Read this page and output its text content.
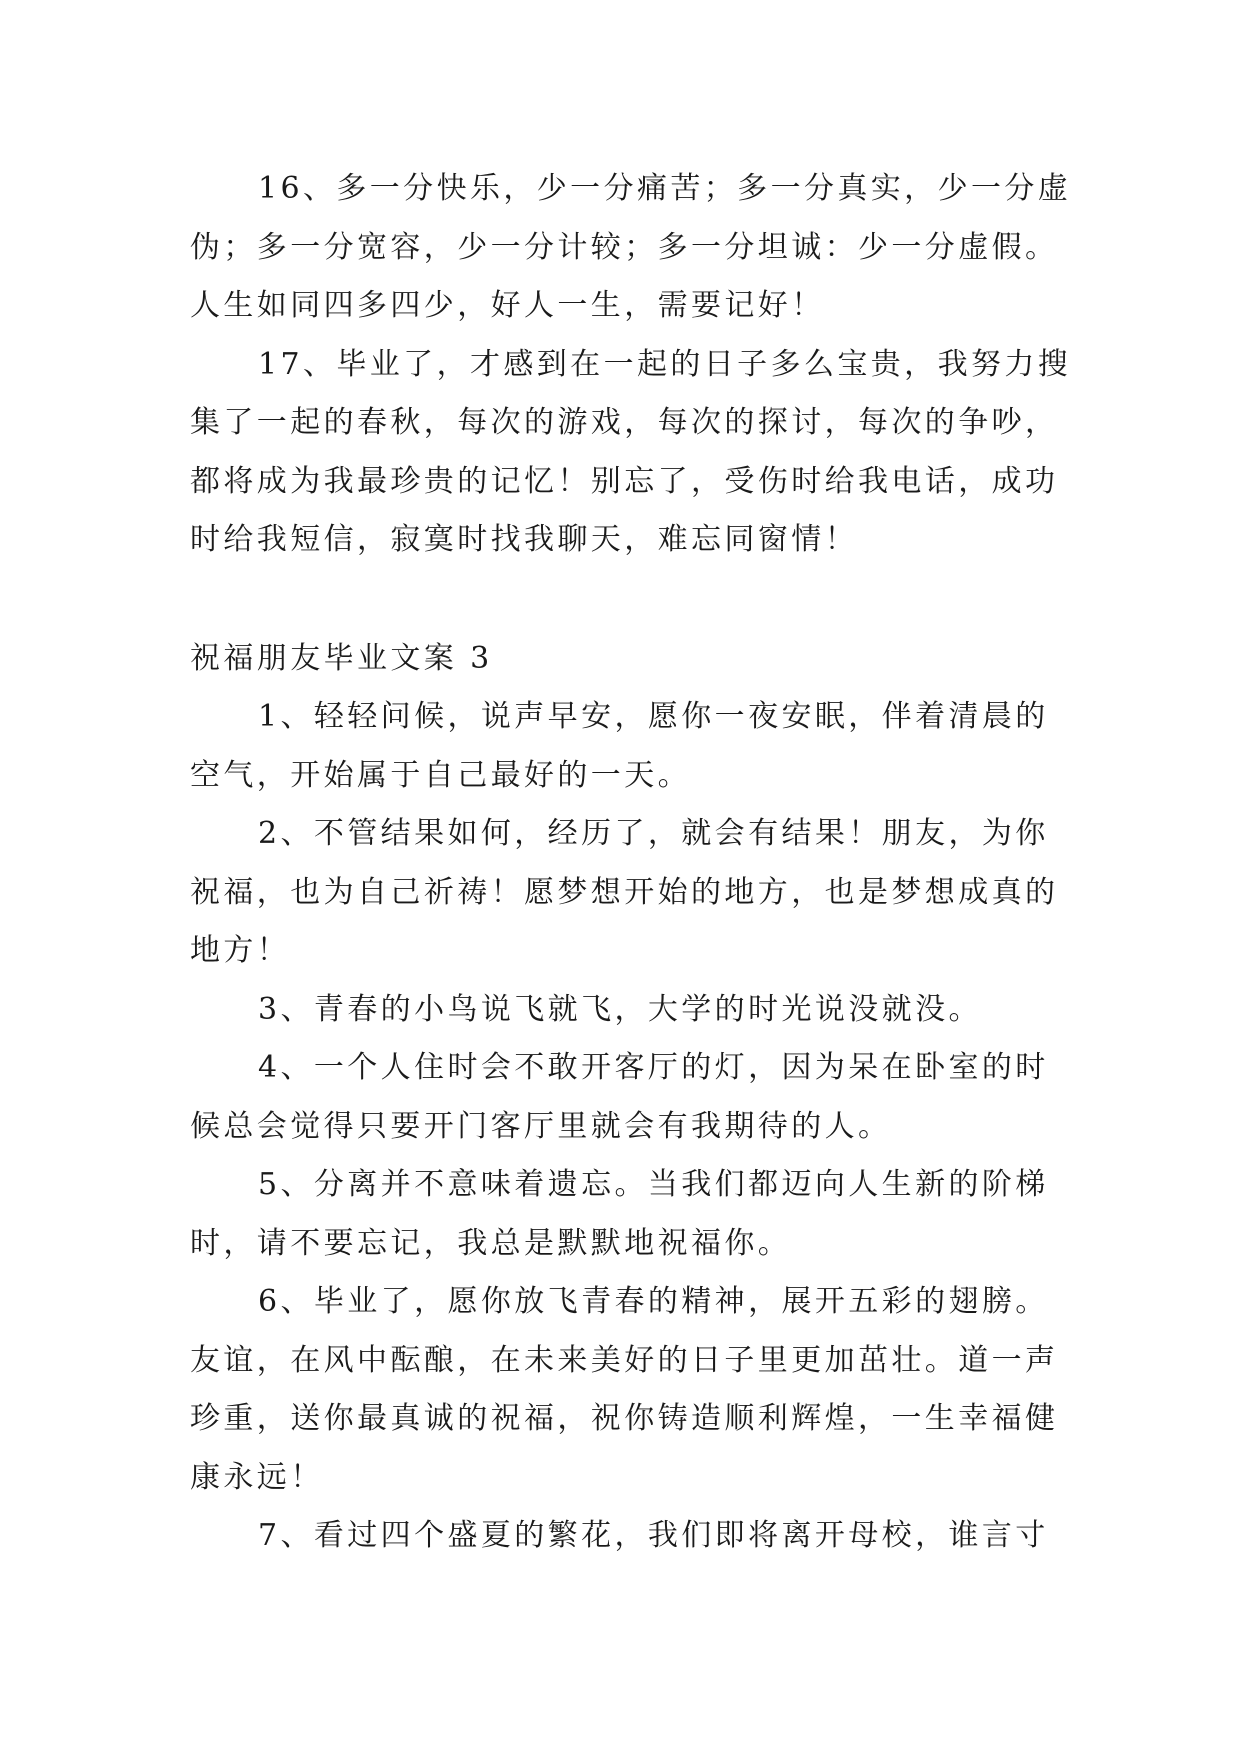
16、多一分快乐，少一分痛苦；多一分真实，少一分虚
伪；多一分宽容，少一分计较；多一分坦诚：少一分虚假。
人生如同四多四少，好人一生，需要记好！
17、毕业了，才感到在一起的日子多么宝贵，我努力搜
集了一起的春秋，每次的游戏，每次的探讨，每次的争吵，
都将成为我最珍贵的记忆！别忘了，受伤时给我电话，成功
时给我短信，寂寞时找我聊天，难忘同窗情！
祝福朋友毕业文案 3
1、轻轻问候，说声早安，愿你一夜安眠，伴着清晨的
空气，开始属于自己最好的一天。
2、不管结果如何，经历了，就会有结果！朋友，为你
祝福，也为自己祈祷！愿梦想开始的地方，也是梦想成真的
地方！
3、青春的小鸟说飞就飞，大学的时光说没就没。
4、一个人住时会不敢开客厅的灯，因为呆在卧室的时
候总会觉得只要开门客厅里就会有我期待的人。
5、分离并不意味着遗忘。当我们都迈向人生新的阶梯
时，请不要忘记，我总是默默地祝福你。
6、毕业了，愿你放飞青春的精神，展开五彩的翅膀。
友谊，在风中酝酿，在未来美好的日子里更加茁壮。道一声
珍重，送你最真诚的祝福，祝你铸造顺利辉煌，一生幸福健
康永远！
7、看过四个盛夏的繁花，我们即将离开母校，谁言寸
